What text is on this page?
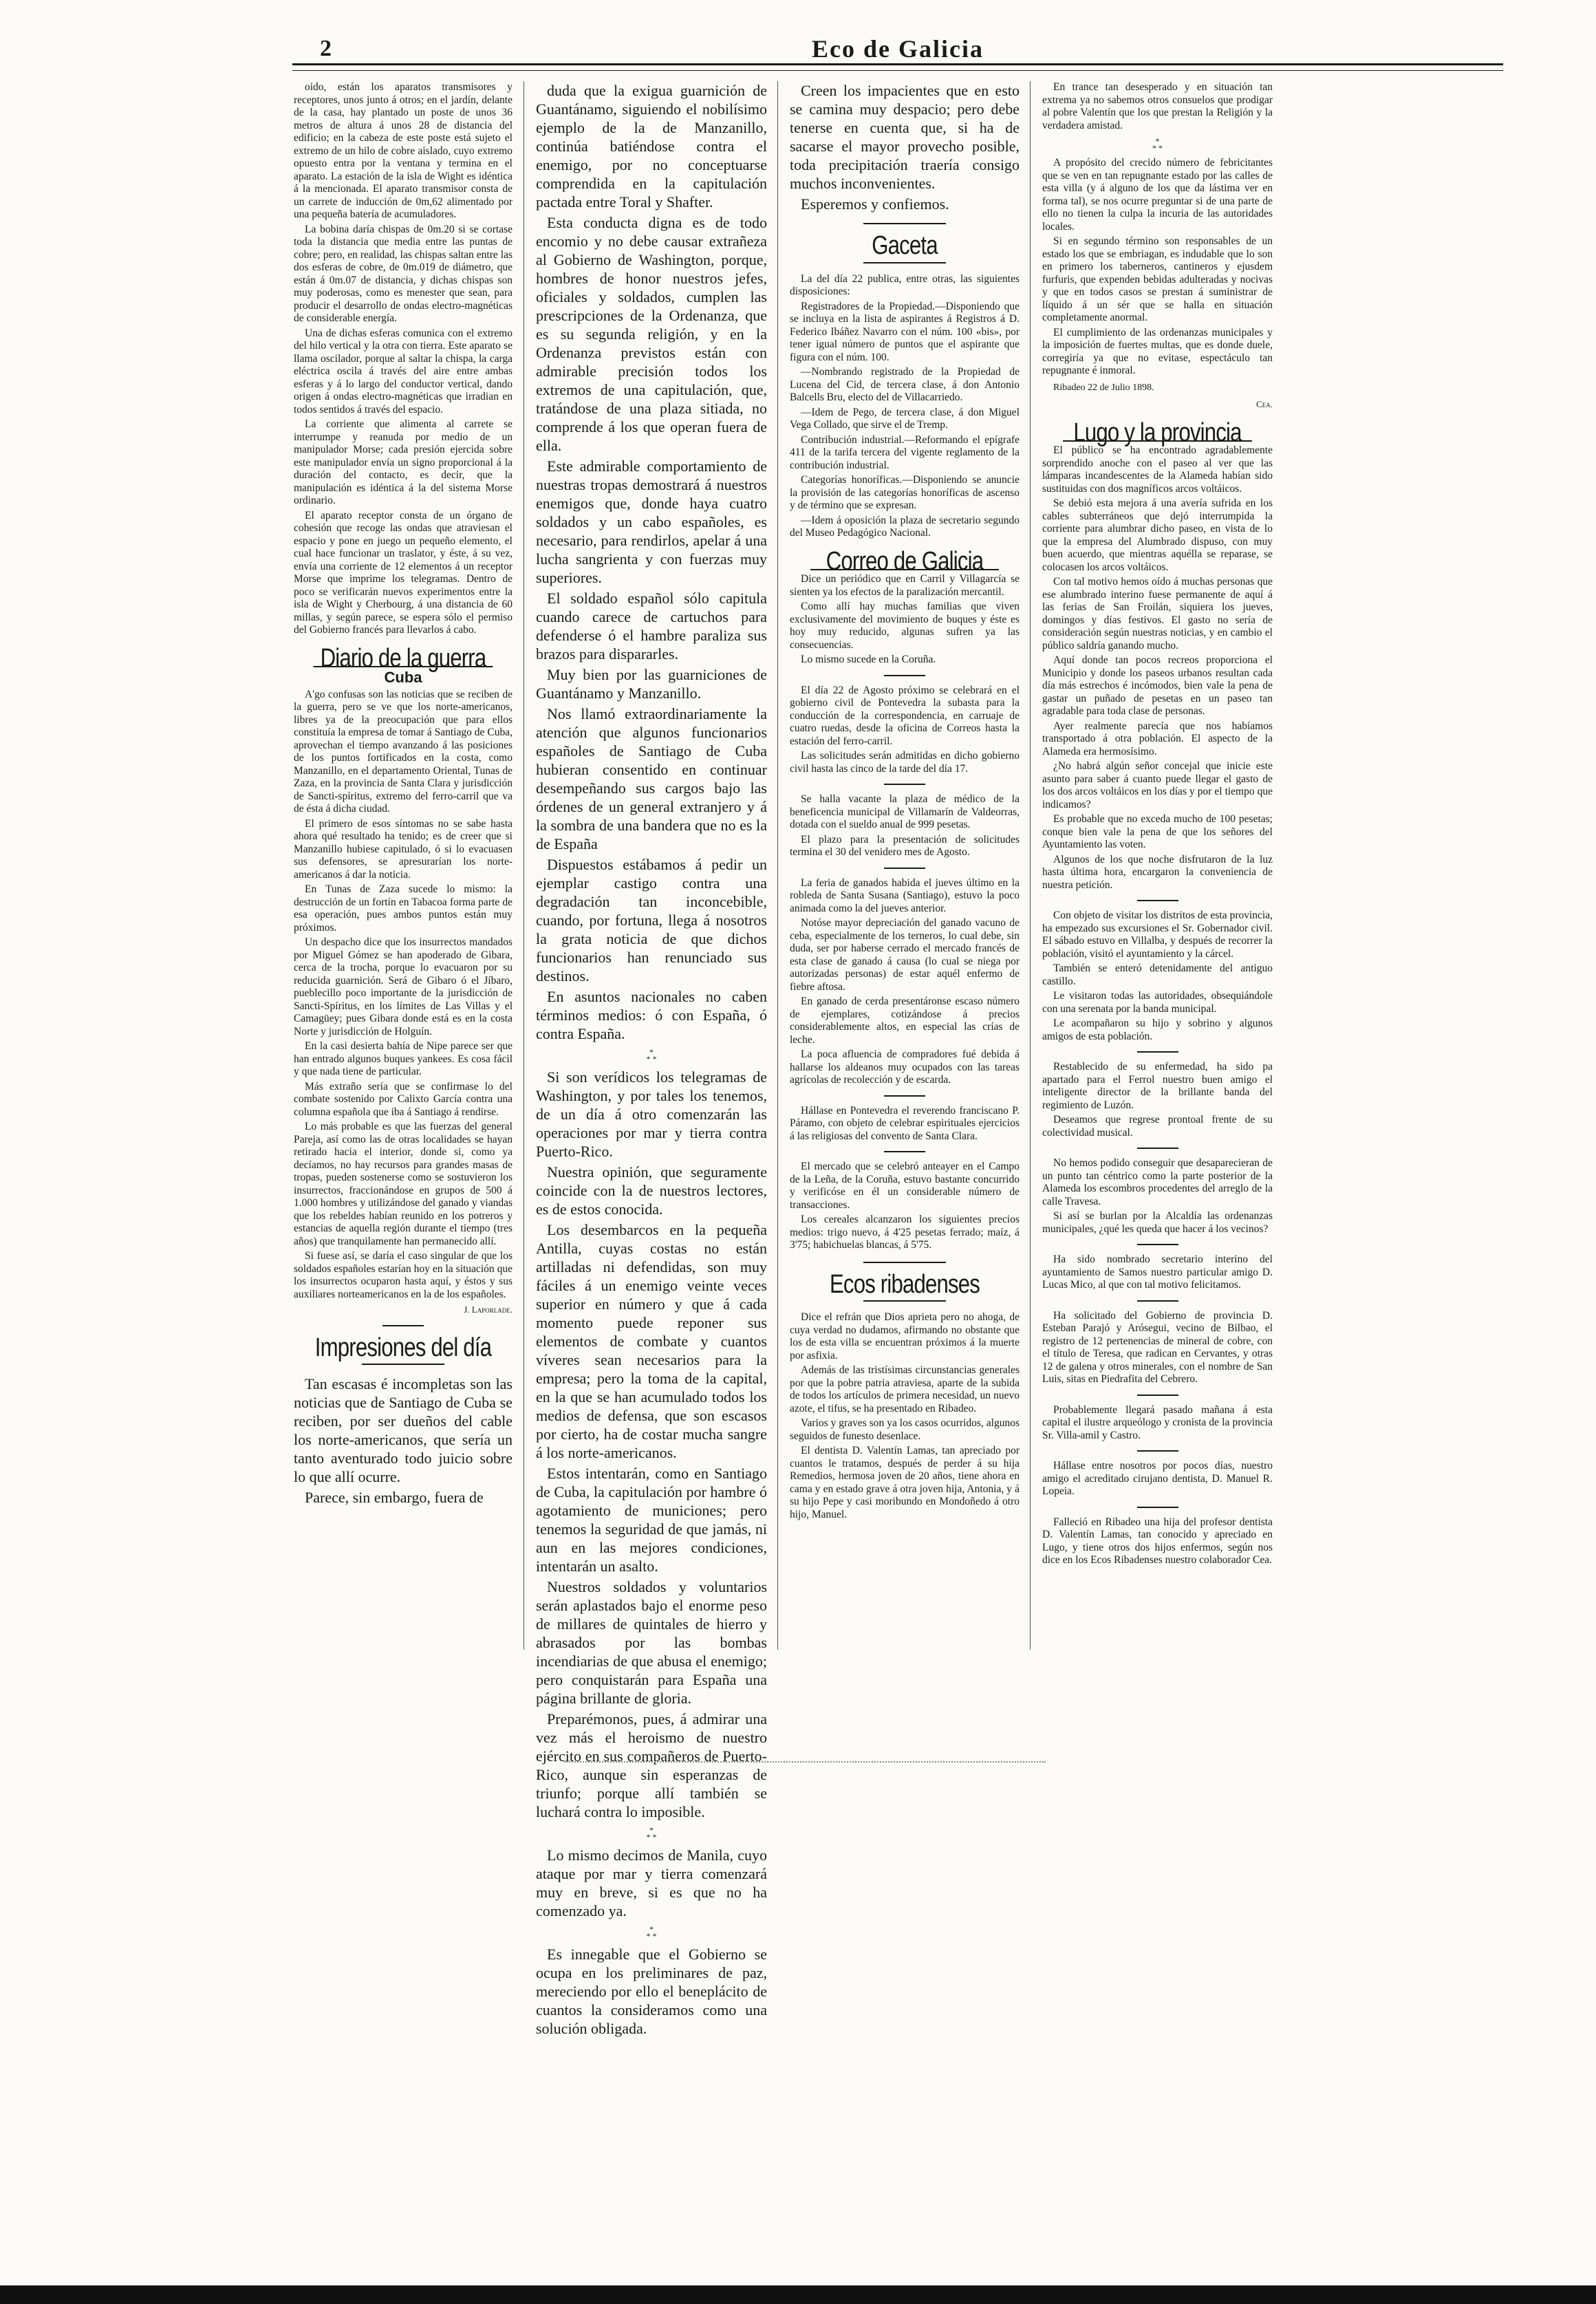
2	Eco de Galicia

oido, están los aparatos transmisores y receptores, unos junto á otros; en el jardín, delante de la casa, hay plantado un poste de unos 36 metros de altura á unos 28 de distancia del edificio; en la cabeza de este poste está sujeto el extremo de un hilo de cobre aislado, cuyo extremo opuesto entra por la ventana y termina en el aparato. La estación de la isla de Wight es idéntica á la mencionada. El aparato transmisor consta de un carrete de inducción de 0m,62 alimentado por una pequeña batería de acumuladores.

La bobina daría chispas de 0m.20 si se cortase toda la distancia que media entre las puntas de cobre; pero, en realidad, las chispas saltan entre las dos esferas de cobre, de 0m.019 de diámetro, que están á 0m.07 de distancia, y dichas chispas son muy poderosas, como es menester que sean, para producir el desarrollo de ondas electro-magnéticas de considerable energía.

Una de dichas esferas comunica con el extremo del hilo vertical y la otra con tierra. Este aparato se llama oscilador, porque al saltar la chispa, la carga eléctrica oscila á través del aire entre ambas esferas y á lo largo del conductor vertical, dando origen á ondas electro-magnéticas que irradian en todos sentidos á través del espacio.

La corriente que alimenta al carrete se interrumpe y reanuda por medio de un manipulador Morse; cada presión ejercida sobre este manipulador envía un signo proporcional á la duración del contacto, es decir, que la manipulación es idéntica á la del sistema Morse ordinario.

El aparato receptor consta de un órgano de cohesión que recoge las ondas que atraviesan el espacio y pone en juego un pequeño elemento, el cual hace funcionar un traslator, y éste, á su vez, envía una corriente de 12 elementos á un receptor Morse que imprime los telegramas. Dentro de poco se verificarán nuevos experimentos entre la isla de Wight y Cherbourg, á una distancia de 60 millas, y según parece, se espera sólo el permiso del Gobierno francés para llevarlos á cabo.

Diario de la guerra
Cuba

A'go confusas son las noticias que se reciben de la guerra, pero se ve que los norte-americanos, libres ya de la preocupación que para ellos constituía la empresa de tomar á Santiago de Cuba, aprovechan el tiempo avanzando á las posiciones de los puntos fortificados en la costa, como Manzanillo, en el departamento Oriental, Tunas de Zaza, en la provincia de Santa Clara y jurisdicción de Sancti-spíritus, extremo del ferro-carril que va de ésta á dicha ciudad.

El primero de esos síntomas no se sabe hasta ahora qué resultado ha tenido; es de creer que si Manzanillo hubiese capitulado, ó si lo evacuasen sus defensores, se apresurarían los norte-americanos á dar la noticia.

En Tunas de Zaza sucede lo mismo: la destrucción de un fortín en Tabacoa forma parte de esa operación, pues ambos puntos están muy próximos.

Un despacho dice que los insurrectos mandados por Miguel Gómez se han apoderado de Gibara, cerca de la trocha, porque lo evacuaron por su reducida guarnición. Será de Gibaro ó el Jíbaro, pueblecillo poco importante de la jurisdicción de Sancti-Spíritus, en los límites de Las Villas y el Camagüey; pues Gibara donde está es en la costa Norte y jurisdicción de Holguín.

En la casi desierta bahía de Nipe parece ser que han entrado algunos buques yankees. Es cosa fácil y que nada tiene de particular.

Más extraño sería que se confirmase lo del combate sostenido por Calixto García contra una columna española que iba á Santiago á rendirse.

Lo más probable es que las fuerzas del general Pareja, así como las de otras localidades se hayan retirado hacia el interior, donde si, como ya decíamos, no hay recursos para grandes masas de tropas, pueden sostenerse como se sostuvieron los insurrectos, fraccionándose en grupos de 500 á 1.000 hombres y utilizándose del ganado y viandas que los rebeldes habían reunido en los potreros y estancias de aquella región durante el tiempo (tres años) que tranquilamente han permanecido allí.

Si fuese así, se daría el caso singular de que los soldados españoles estarían hoy en la situación que los insurrectos ocuparon hasta aquí, y éstos y sus auxiliares norteamericanos en la de los españoles.

J. Laporlade.
Impresiones del día

Tan escasas é incompletas son las noticias que de Santiago de Cuba se reciben, por ser dueños del cable los norte-americanos, que sería un tanto aventurado todo juicio sobre lo que allí ocurre.

Parece, sin embargo, fuera de

duda que la exigua guarnición de Guantánamo, siguiendo el nobilísimo ejemplo de la de Manzanillo, continúa batiéndose contra el enemigo, por no conceptuarse comprendida en la capitulación pactada entre Toral y Shafter.

Esta conducta digna es de todo encomio y no debe causar extrañeza al Gobierno de Washington, porque, hombres de honor nuestros jefes, oficiales y soldados, cumplen las prescripciones de la Ordenanza, que es su segunda religión, y en la Ordenanza previstos están con admirable precisión todos los extremos de una capitulación, que, tratándose de una plaza sitiada, no comprende á los que operan fuera de ella.

Este admirable comportamiento de nuestras tropas demostrará á nuestros enemigos que, donde haya cuatro soldados y un cabo españoles, es necesario, para rendirlos, apelar á una lucha sangrienta y con fuerzas muy superiores.

El soldado español sólo capitula cuando carece de cartuchos para defenderse ó el hambre paraliza sus brazos para dispararles.

Muy bien por las guarniciones de Guantánamo y Manzanillo.

Nos llamó extraordinariamente la atención que algunos funcionarios españoles de Santiago de Cuba hubieran consentido en continuar desempeñando sus cargos bajo las órdenes de un general extranjero y á la sombra de una bandera que no es la de España

Dispuestos estábamos á pedir un ejemplar castigo contra una degradación tan inconcebible, cuando, por fortuna, llega á nosotros la grata noticia de que dichos funcionarios han renunciado sus destinos.

En asuntos nacionales no caben términos medios: ó con España, ó contra España.

*
* *

Si son verídicos los telegramas de Washington, y por tales los tenemos, de un día á otro comenzarán las operaciones por mar y tierra contra Puerto-Rico.

Nuestra opinión, que seguramente coincide con la de nuestros lectores, es de estos conocida.

Los desembarcos en la pequeña Antilla, cuyas costas no están artilladas ni defendidas, son muy fáciles á un enemigo veinte veces superior en número y que á cada momento puede reponer sus elementos de combate y cuantos víveres sean necesarios para la empresa; pero la toma de la capital, en la que se han acumulado todos los medios de defensa, que son escasos por cierto, ha de costar mucha sangre á los norte-americanos.

Estos intentarán, como en Santiago de Cuba, la capitulación por hambre ó agotamiento de municiones; pero tenemos la seguridad de que jamás, ni aun en las mejores condiciones, intentarán un asalto.

Nuestros soldados y voluntarios serán aplastados bajo el enorme peso de millares de quintales de hierro y abrasados por las bombas incendiarias de que abusa el enemigo; pero conquistarán para España una página brillante de gloria.

Preparémonos, pues, á admirar una vez más el heroismo de nuestro ejército en sus compañeros de Puerto-Rico, aunque sin esperanzas de triunfo; porque allí también se luchará contra lo imposible.

*
* *

Lo mismo decimos de Manila, cuyo ataque por mar y tierra comenzará muy en breve, si es que no ha comenzado ya.

*
* *

Es innegable que el Gobierno se ocupa en los preliminares de paz, mereciendo por ello el beneplácito de cuantos la consideramos como una solución obligada.

Creen los impacientes que en esto se camina muy despacio; pero debe tenerse en cuenta que, si ha de sacarse el mayor provecho posible, toda precipitación traería consigo muchos inconvenientes.

Esperemos y confiemos.

Gaceta

La del día 22 publica, entre otras, las siguientes disposiciones:

Registradores de la Propiedad.—Disponiendo que se incluya en la lista de aspirantes á Registros á D. Federico Ibáñez Navarro con el núm. 100 «bis», por tener igual número de puntos que el aspirante que figura con el núm. 100.

—Nombrando registrado de la Propiedad de Lucena del Cid, de tercera clase, á don Antonio Balcells Bru, electo del de Villacarriedo.

—Idem de Pego, de tercera clase, á don Miguel Vega Collado, que sirve el de Tremp.

Contribución industrial.—Reformando el epígrafe 411 de la tarifa tercera del vigente reglamento de la contribución industrial.

Categorías honoríficas.—Disponiendo se anuncie la provisión de las categorías honoríficas de ascenso y de término que se expresan.

—Idem á oposición la plaza de secretario segundo del Museo Pedagógico Nacional.

Correo de Galicia

Dice un periódico que en Carril y Villagarcía se sienten ya los efectos de la paralización mercantil.

Como allí hay muchas familias que viven exclusivamente del movimiento de buques y éste es hoy muy reducido, algunas sufren ya las consecuencias.

Lo mismo sucede en la Coruña.

El día 22 de Agosto próximo se celebrará en el gobierno civil de Pontevedra la subasta para la conducción de la correspondencia, en carruaje de cuatro ruedas, desde la oficina de Correos hasta la estación del ferro-carril.

Las solicitudes serán admitidas en dicho gobierno civil hasta las cinco de la tarde del día 17.

Se halla vacante la plaza de médico de la beneficencia municipal de Villamarín de Valdeorras, dotada con el sueldo anual de 999 pesetas.

El plazo para la presentación de solicitudes termina el 30 del venidero mes de Agosto.

La feria de ganados habida el jueves último en la robleda de Santa Susana (Santiago), estuvo la poco animada como la del jueves anterior.

Notóse mayor depreciación del ganado vacuno de ceba, especialmente de los terneros, lo cual debe, sin duda, ser por haberse cerrado el mercado francés de esta clase de ganado á causa (lo cual se niega por autorizadas personas) de estar aquél enfermo de fiebre aftosa.

En ganado de cerda presentáronse escaso número de ejemplares, cotizándose á precios considerablemente altos, en especial las crías de leche.

La poca afluencia de compradores fué debida á hallarse los aldeanos muy ocupados con las tareas agrícolas de recolección y de escarda.

Hállase en Pontevedra el reverendo franciscano P. Páramo, con objeto de celebrar espirituales ejercicios á las religiosas del convento de Santa Clara.

El mercado que se celebró anteayer en el Campo de la Leña, de la Coruña, estuvo bastante concurrido y verificóse en él un considerable número de transacciones.

Los cereales alcanzaron los siguientes precios medios: trigo nuevo, á 4'25 pesetas ferrado; maíz, á 3'75; habichuelas blancas, á 5'75.

Ecos ribadenses

Dice el refrán que Dios aprieta pero no ahoga, de cuya verdad no dudamos, afirmando no obstante que los de esta villa se encuentran próximos á la muerte por asfixia.

Además de las tristísimas circunstancias generales por que la pobre patria atraviesa, aparte de la subida de todos los artículos de primera necesidad, un nuevo azote, el tifus, se ha presentado en Ribadeo.

Varios y graves son ya los casos ocurridos, algunos seguidos de funesto desenlace.

El dentista D. Valentín Lamas, tan apreciado por cuantos le tratamos, después de perder á su hija Remedios, hermosa joven de 20 años, tiene ahora en cama y en estado grave á otra joven hija, Antonia, y á su hijo Pepe y casi moribundo en Mondoñedo á otro hijo, Manuel.

En trance tan desesperado y en situación tan extrema ya no sabemos otros consuelos que prodigar al pobre Valentín que los que prestan la Religión y la verdadera amistad.

*
* *

A propósito del crecido número de febricitantes que se ven en tan repugnante estado por las calles de esta villa (y á alguno de los que da lástima ver en forma tal), se nos ocurre preguntar si de una parte de ello no tienen la culpa la incuria de las autoridades locales.

Si en segundo término son responsables de un estado los que se embriagan, es indudable que lo son en primero los taberneros, cantineros y ejusdem furfuris, que expenden bebidas adulteradas y nocivas y que en todos casos se prestan á suministrar de líquido á un sér que se halla en situación completamente anormal.

El cumplimiento de las ordenanzas municipales y la imposición de fuertes multas, que es donde duele, corregiría ya que no evitase, espectáculo tan repugnante é inmoral.

Ribadeo 22 de Julio 1898.
Cea.
Lugo y la provincia

El público se ha encontrado agradablemente sorprendido anoche con el paseo al ver que las lámparas incandescentes de la Alameda habían sido sustituidas con dos magníficos arcos voltáicos.

Se debió esta mejora á una avería sufrida en los cables subterráneos que dejó interrumpida la corriente para alumbrar dicho paseo, en vista de lo que la empresa del Alumbrado dispuso, con muy buen acuerdo, que mientras aquélla se reparase, se colocasen los arcos voltáicos.

Con tal motivo hemos oído á muchas personas que ese alumbrado interino fuese permanente de aquí á las ferias de San Froilán, siquiera los jueves, domingos y días festivos. El gasto no sería de consideración según nuestras noticias, y en cambio el público saldría ganando mucho.

Aquí donde tan pocos recreos proporciona el Municipio y donde los paseos urbanos resultan cada día más estrechos é incómodos, bien vale la pena de gastar un puñado de pesetas en un paseo tan agradable para toda clase de personas.

Ayer realmente parecía que nos habíamos transportado á otra población. El aspecto de la Alameda era hermosísimo.

¿No habrá algún señor concejal que inicie este asunto para saber á cuanto puede llegar el gasto de los dos arcos voltáicos en los días y por el tiempo que indicamos?

Es probable que no exceda mucho de 100 pesetas; conque bien vale la pena de que los señores del Ayuntamiento las voten.

Algunos de los que noche disfrutaron de la luz hasta última hora, encargaron la conveniencia de nuestra petición.

Con objeto de visitar los distritos de esta provincia, ha empezado sus excursiones el Sr. Gobernador civil. El sábado estuvo en Villalba, y después de recorrer la población, visitó el ayuntamiento y la cárcel.

También se enteró detenidamente del antiguo castillo.

Le visitaron todas las autoridades, obsequiándole con una serenata por la banda municipal.

Le acompañaron su hijo y sobrino y algunos amigos de esta población.

Restablecido de su enfermedad, ha sido pa apartado para el Ferrol nuestro buen amigo el inteligente director de la brillante banda del regimiento de Luzón.

Deseamos que regrese prontoal frente de su colectividad musical.

No hemos podido conseguir que desaparecieran de un punto tan céntrico como la parte posterior de la Alameda los escombros procedentes del arreglo de la calle Travesa.

Si así se burlan por la Alcaldía las ordenanzas municipales, ¿qué les queda que hacer á los vecinos?

Ha sido nombrado secretario interino del ayuntamiento de Samos nuestro particular amigo D. Lucas Mico, al que con tal motivo felicitamos.

Ha solicitado del Gobierno de provincia D. Esteban Parajó y Arósegui, vecino de Bilbao, el registro de 12 pertenencias de mineral de cobre, con el título de Teresa, que radican en Cervantes, y otras 12 de galena y otros minerales, con el nombre de San Luis, sitas en Piedrafita del Cebrero.

Probablemente llegará pasado mañana á esta capital el ilustre arqueólogo y cronista de la provincia Sr. Villa-amil y Castro.

Hállase entre nosotros por pocos días, nuestro amigo el acreditado cirujano dentista, D. Manuel R. Lopeia.

Falleció en Ribadeo una hija del profesor dentista D. Valentín Lamas, tan conocido y apreciado en Lugo, y tiene otros dos hijos enfermos, según nos dice en los Ecos Ribadenses nuestro colaborador Cea.
